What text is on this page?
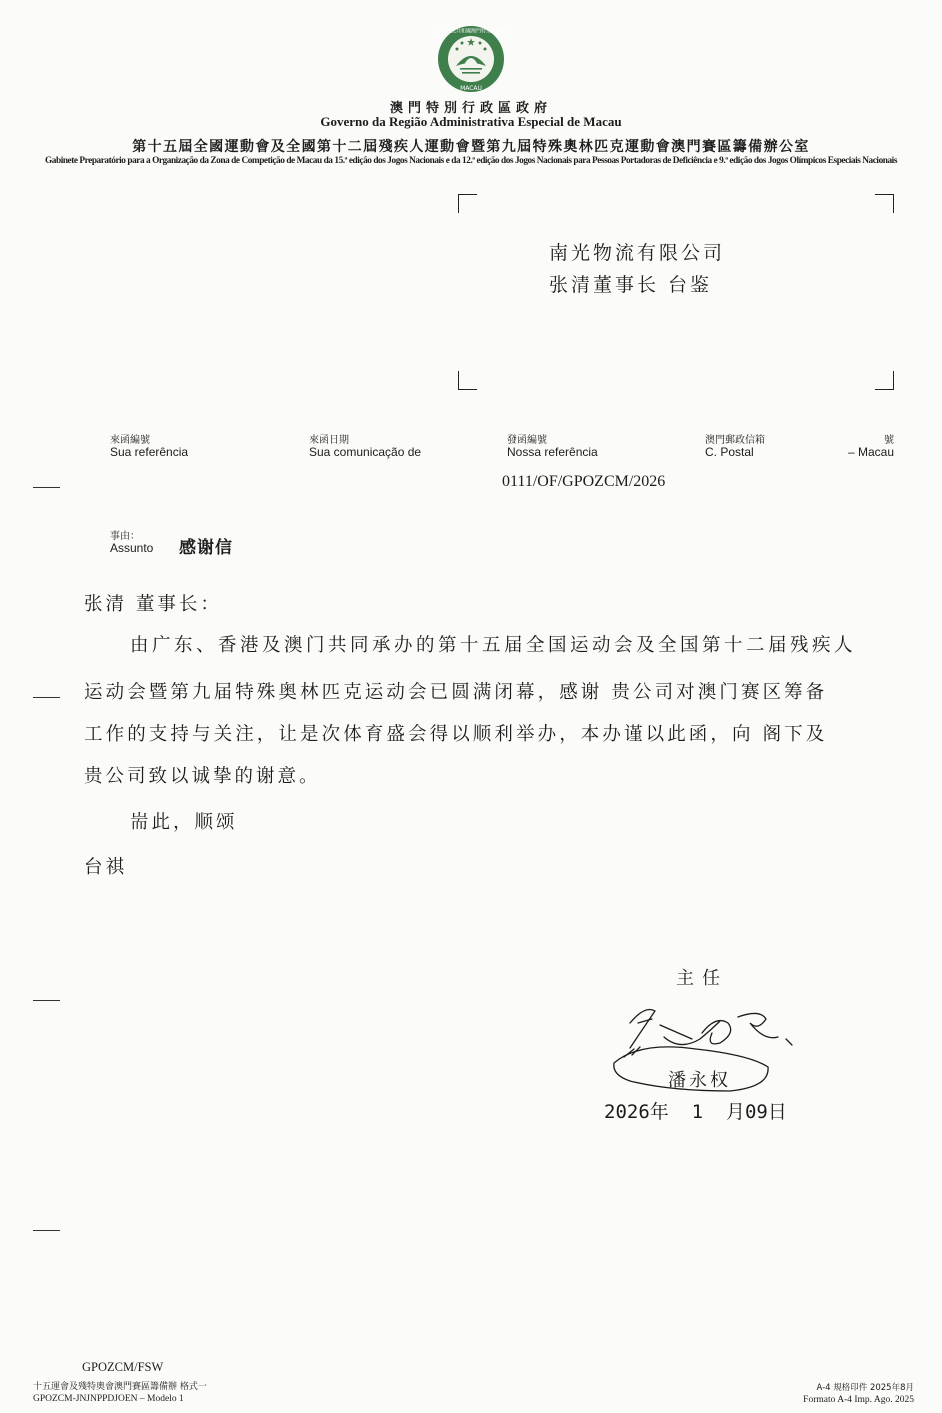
中華人民共和國澳門特別行政區
MACAU
澳門特別行政區政府
Governo da Região Administrativa Especial de Macau
第十五屆全國運動會及全國第十二屆殘疾人運動會暨第九屆特殊奧林匹克運動會澳門賽區籌備辦公室
Gabinete Preparatório para a Organização da Zona de Competição de Macau da 15.ª edição dos Jogos Nacionais e da 12.ª edição dos Jogos Nacionais para Pessoas Portadoras de Deficiência e 9.ª edição dos Jogos Olímpicos Especiais Nacionais
南光物流有限公司
张清董事长 台鉴
來函編號
Sua referência
來函日期
Sua comunicação de
發函編號
Nossa referência
澳門郵政信箱
C. Postal
號
– Macau
0111/OF/GPOZCM/2026
事由：
Assunto 感谢信
张清 董事长：
由广东、香港及澳门共同承办的第十五届全国运动会及全国第十二届残疾人
运动会暨第九届特殊奥林匹克运动会已圆满闭幕，感谢 贵公司对澳门赛区筹备
工作的支持与关注，让是次体育盛会得以顺利举办，本办谨以此函，向 阁下及
贵公司致以诚挚的谢意。
耑此，顺颂
台祺
主任
潘永权
2026年  1  月09日
GPOZCM/FSW
十五運會及殘特奧會澳門賽區籌備辦 格式一
GPOZCM-JNJNPPDJOEN – Modelo 1
A-4 規格印件 2025年8月
Formato A-4 Imp. Ago. 2025
